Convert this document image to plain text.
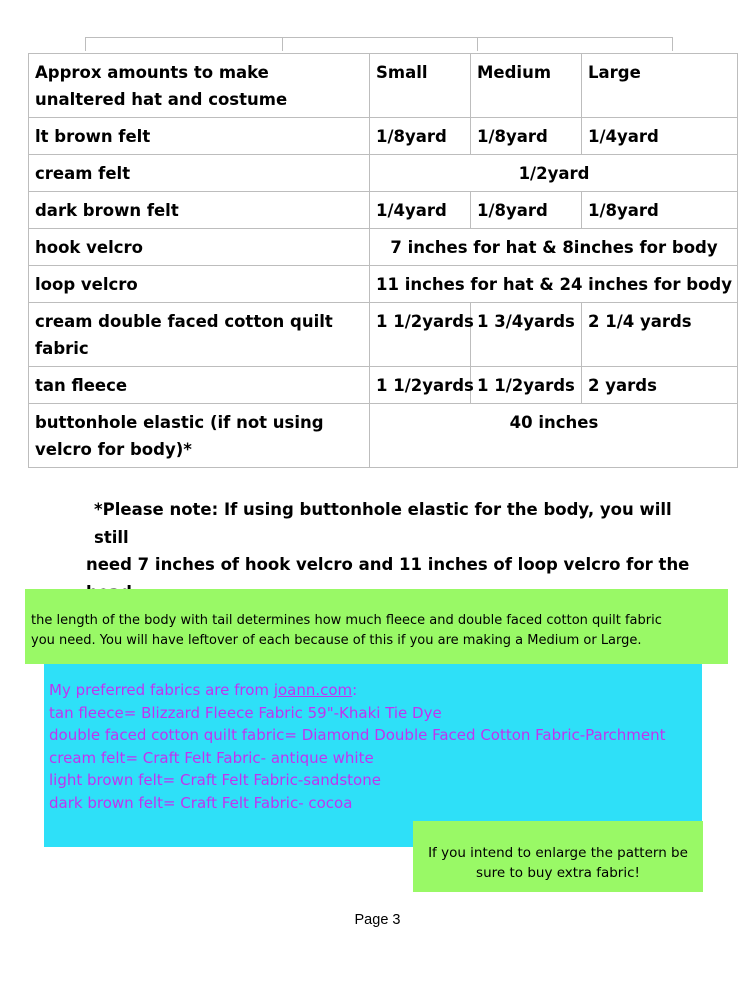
Approx amounts to make unaltered hat and costume	Small	Medium	Large
lt brown felt	1/8yard	1/8yard	1/4yard
cream felt	1/2yard		
dark brown felt	1/4yard	1/8yard	1/8yard
hook velcro	7 inches for hat & 8inches for body		
loop velcro	11 inches for hat & 24 inches for body		
cream double faced cotton quilt fabric	1 1/2yards	1 3/4yards	2 1/4 yards
tan fleece	1 1/2yards	1 1/2yards	2 yards
buttonhole elastic (if not using velcro for body)*	40 inches		
*Please note: If using buttonhole elastic for the body, you will still
need 7 inches of hook velcro and 11 inches of loop velcro for the
the length of the body with tail determines how much fleece and double faced cotton quilt fabric
you need. You will have leftover of each because of this if you are making a Medium or Large.
My preferred fabrics are from joann.com:
tan fleece= Blizzard Fleece Fabric 59"-Khaki Tie Dye
double faced cotton quilt fabric= Diamond Double Faced Cotton Fabric-Parchment
cream felt= Craft Felt Fabric- antique white
light brown felt= Craft Felt Fabric-sandstone
dark brown felt= Craft Felt Fabric- cocoa
If you intend to enlarge the pattern be
sure to buy extra fabric!
Page 3
